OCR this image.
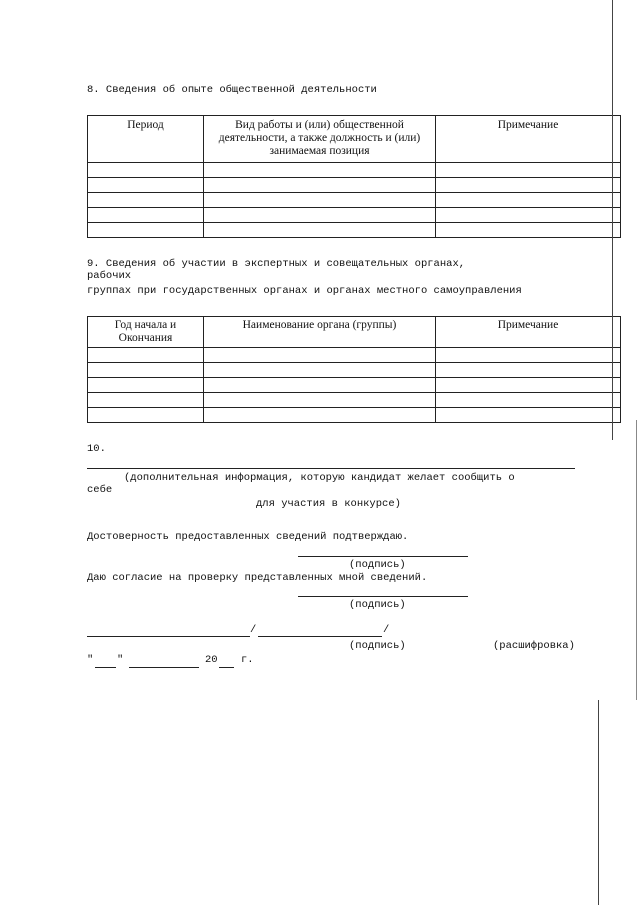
8. Сведения об опыте общественной деятельности
Период	Вид работы и (или) общественной деятельности, а также должность и (или) занимаемая позиция	Примечание

9. Сведения об участии в экспертных и совещательных органах,
рабочих
группах при государственных органах и органах местного самоуправления
Год начала и Окончания	Наименование органа (группы)	Примечание

10.
(дополнительная информация, которую кандидат желает сообщить о
себе
для участия в конкурсе)
Достоверность предоставленных сведений подтверждаю.
(подпись)
Даю согласие на проверку представленных мной сведений.
(подпись)
/	/
(подпись)	(расшифровка)
" "	20 г.
